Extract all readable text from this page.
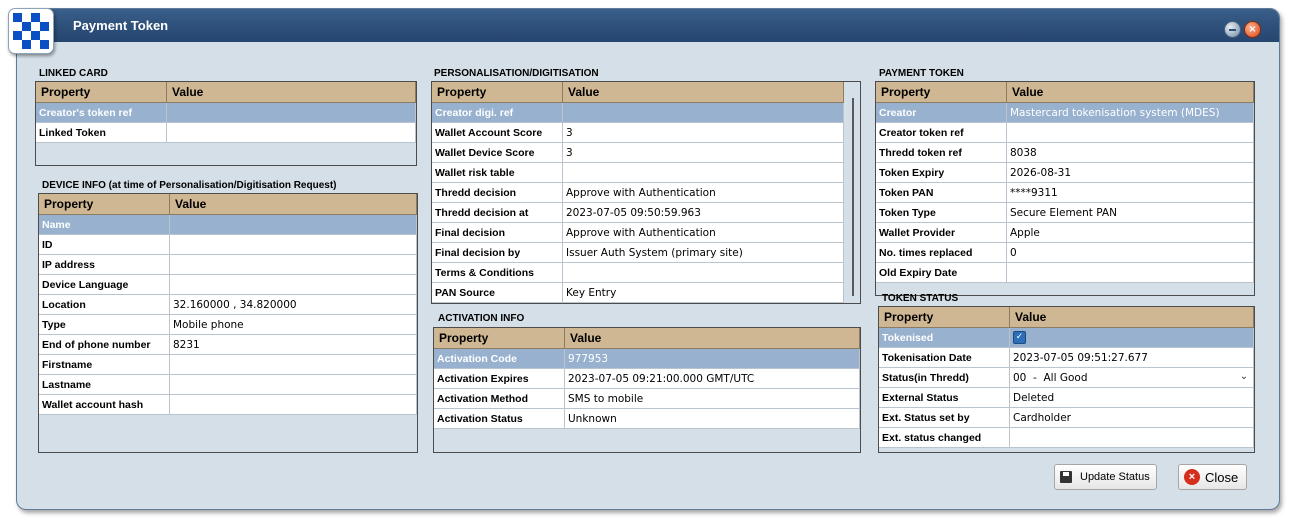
Payment Token	×
LINKED CARD
Property	Value
Creator's token ref	
Linked Token	
DEVICE INFO (at time of Personalisation/Digitisation Request)
Property	Value
Name	
ID	
IP address	
Device Language	
Location	32.160000 , 34.820000
Type	Mobile phone
End of phone number	8231
Firstname	
Lastname	
Wallet account hash	
PERSONALISATION/DIGITISATION
Property	Value
Creator digi. ref	
Wallet Account Score	3
Wallet Device Score	3
Wallet risk table	
Thredd decision	Approve with Authentication
Thredd decision at	2023-07-05 09:50:59.963
Final decision	Approve with Authentication
Final decision by	Issuer Auth System (primary site)
Terms & Conditions	
PAN Source	Key Entry
ACTIVATION INFO
Property	Value
Activation Code	977953
Activation Expires	2023-07-05 09:21:00.000 GMT/UTC
Activation Method	SMS to mobile
Activation Status	Unknown
PAYMENT TOKEN
Property	Value
Creator	Mastercard tokenisation system (MDES)
Creator token ref	
Thredd token ref	8038
Token Expiry	2026-08-31
Token PAN	****9311
Token Type	Secure Element PAN
Wallet Provider	Apple
No. times replaced	0
Old Expiry Date	
TOKEN STATUS
Property	Value
Tokenised	✓
Tokenisation Date	2023-07-05 09:51:27.677
Status(in Thredd)	00  -  All Good ⌄

External Status	Deleted
Ext. Status set by	Cardholder
Ext. status changed	
Update Status	× Close
